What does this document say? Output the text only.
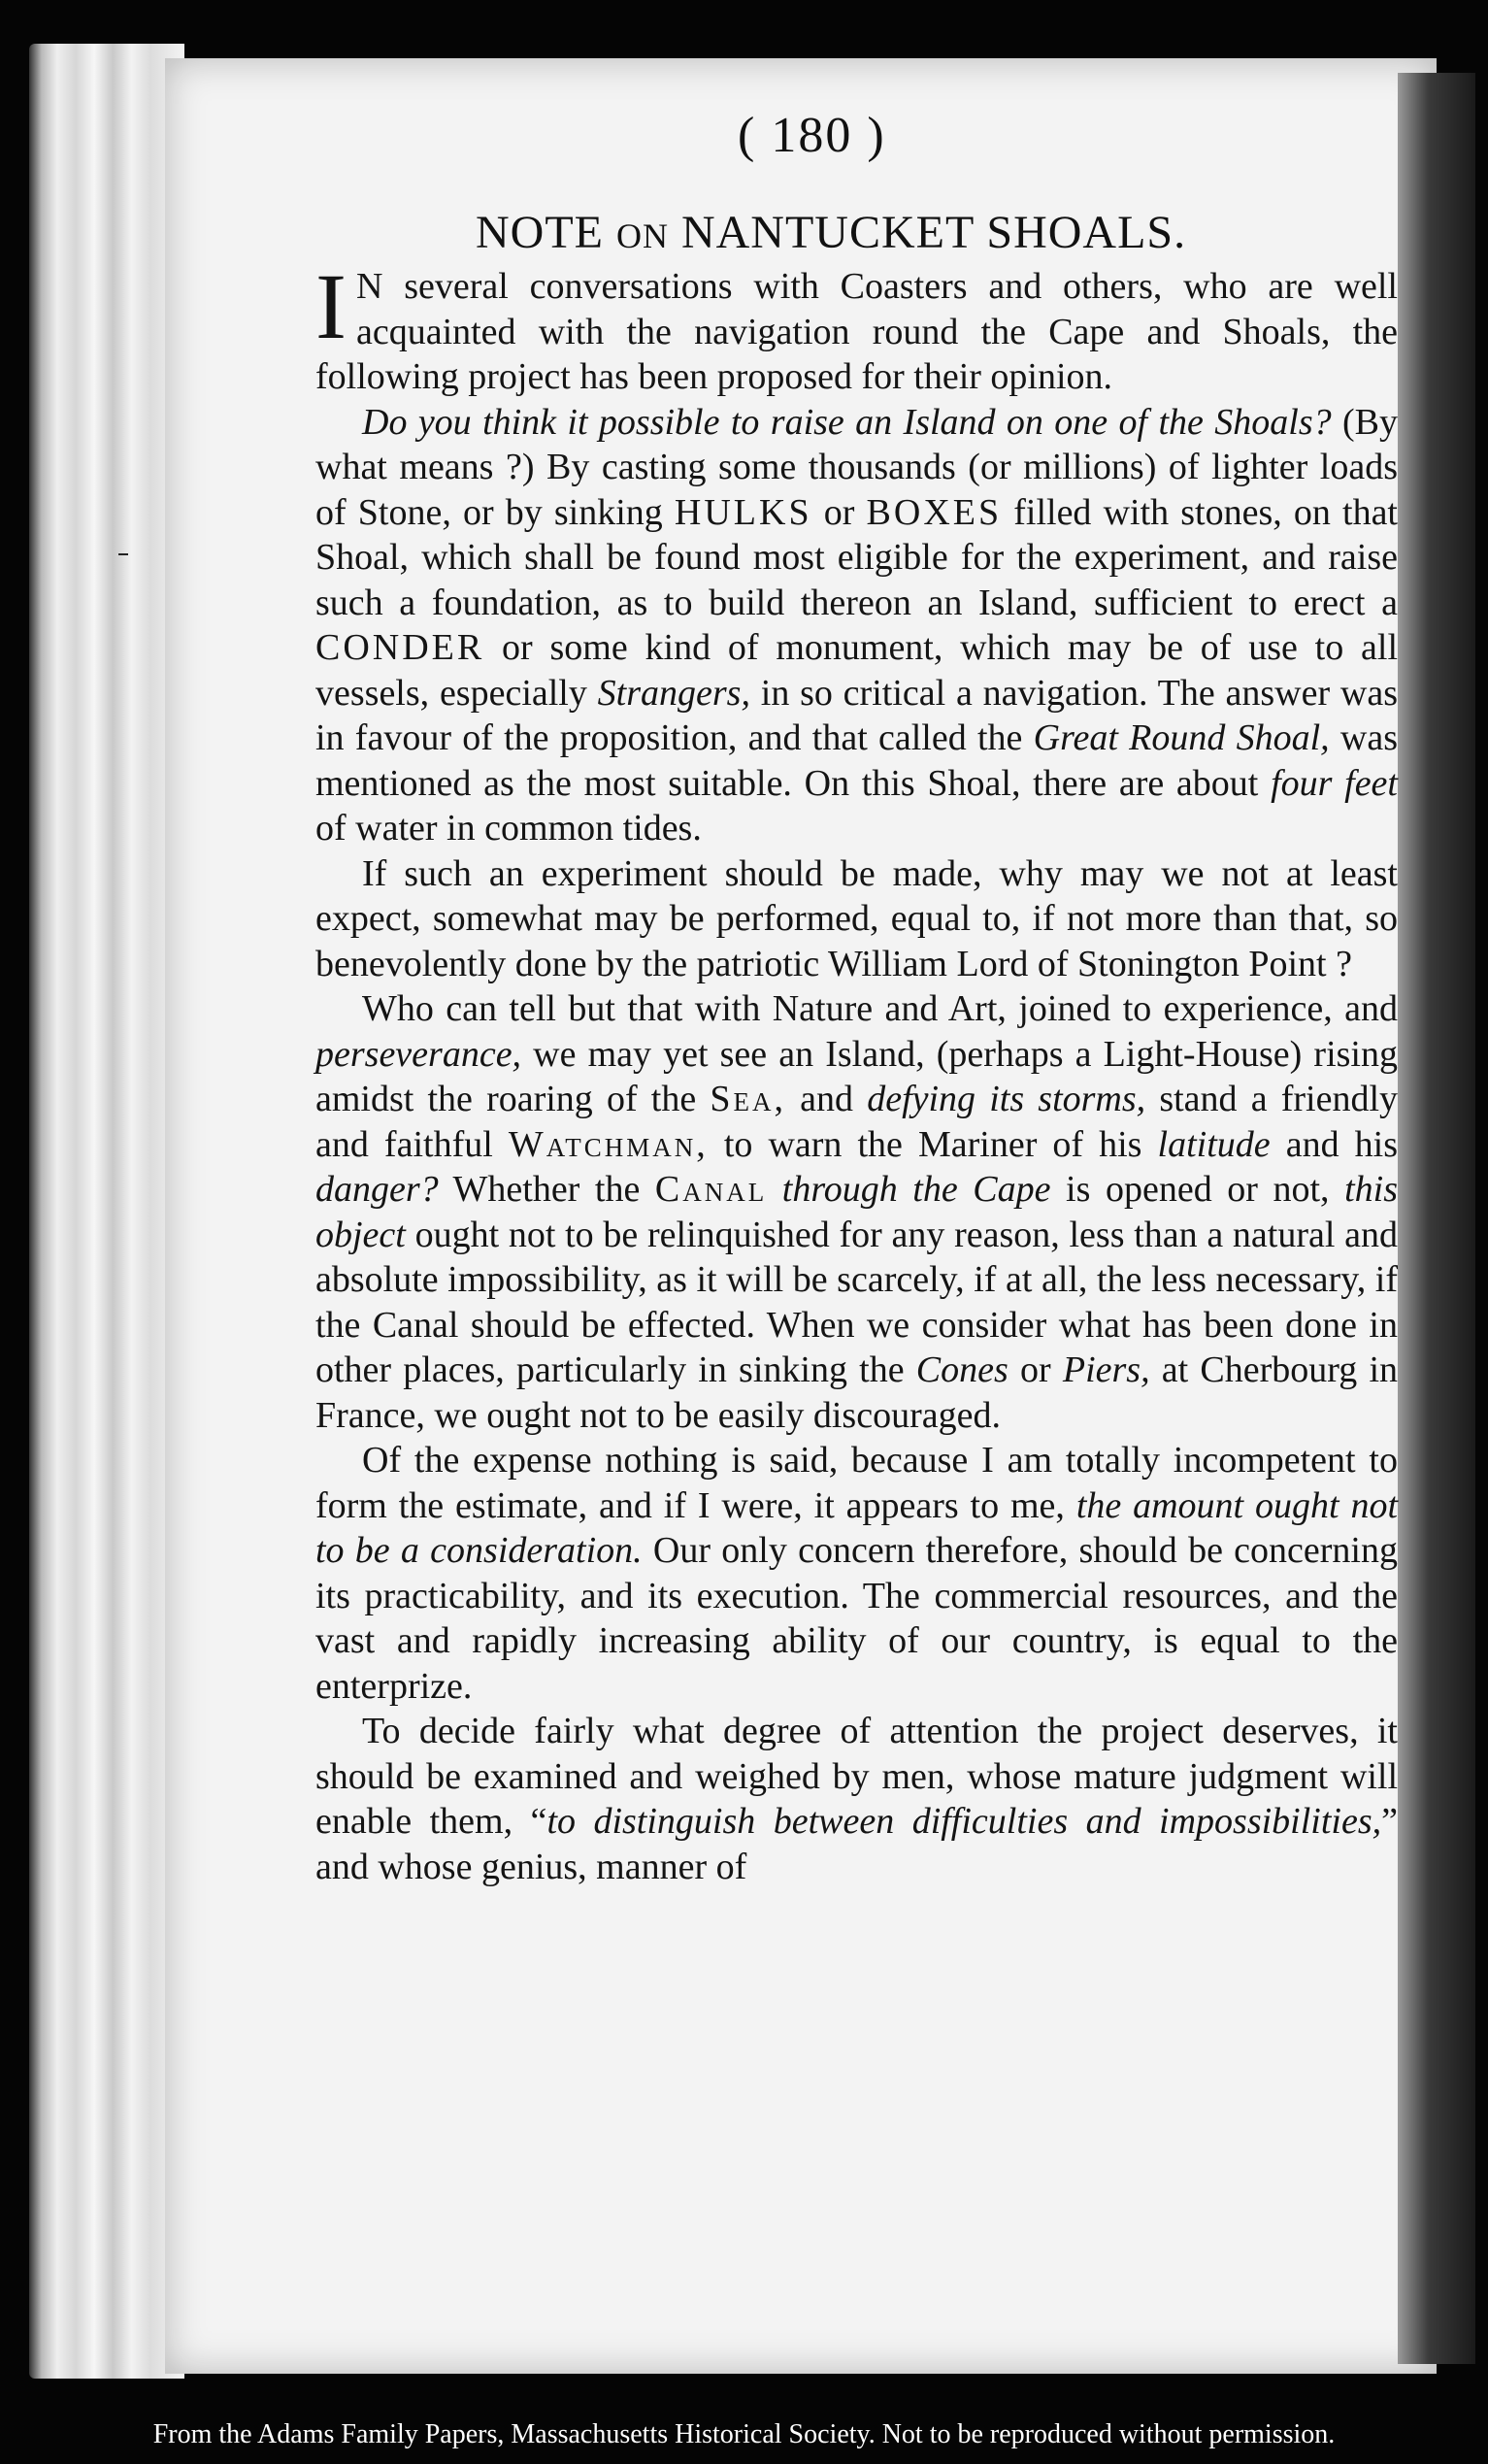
( 180 )
NOTE ON NANTUCKET SHOALS.

I N several conversations with Coasters and others, who are well acquainted with the navigation round the Cape and Shoals, the following project has been proposed for their opinion.

Do you think it possible to raise an Island on one of the Shoals? (By what means ?) By casting some thousands (or millions) of lighter loads of Stone, or by sinking HULKS or BOXES filled with stones, on that Shoal, which shall be found most eligible for the experiment, and raise such a foundation, as to build thereon an Island, sufficient to erect a CONDER or some kind of monument, which may be of use to all vessels, especially Strangers, in so critical a navigation. The answer was in favour of the proposition, and that called the Great Round Shoal, was mentioned as the most suitable. On this Shoal, there are about four feet of water in common tides.

If such an experiment should be made, why may we not at least expect, somewhat may be performed, equal to, if not more than that, so benevolently done by the patriotic William Lord of Stonington Point ?

Who can tell but that with Nature and Art, joined to experience, and perseverance, we may yet see an Island, (perhaps a Light-House) rising amidst the roaring of the Sea, and defying its storms, stand a friendly and faithful Watchman, to warn the Mariner of his latitude and his danger? Whether the Canal through the Cape is opened or not, this object ought not to be relinquished for any reason, less than a natural and absolute impossibility, as it will be scarcely, if at all, the less necessary, if the Canal should be effected. When we consider what has been done in other places, particularly in sinking the Cones or Piers, at Cherbourg in France, we ought not to be easily discouraged.

Of the expense nothing is said, because I am totally incompetent to form the estimate, and if I were, it appears to me, the amount ought not to be a consideration. Our only concern therefore, should be concerning its practicability, and its execution. The commercial resources, and the vast and rapidly increasing ability of our country, is equal to the enterprize.

To decide fairly what degree of attention the project deserves, it should be examined and weighed by men, whose mature judgment will enable them, “to distinguish between difficulties and impossibilities,” and whose genius, manner of

From the Adams Family Papers, Massachusetts Historical Society. Not to be reproduced without permission.
